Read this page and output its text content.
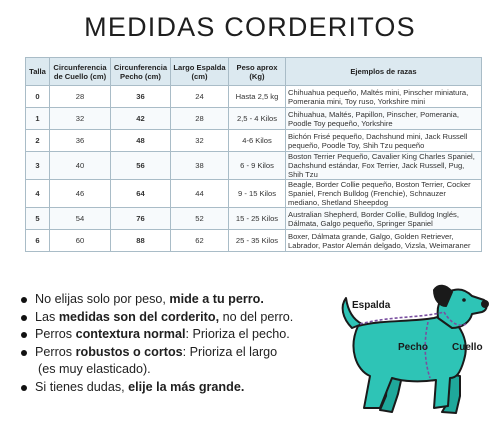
MEDIDAS CORDERITOS
Talla	Circunferencia de Cuello (cm)	Circunferencia Pecho (cm)	Largo Espalda (cm)	Peso aprox (Kg)	Ejemplos de razas
0	28	36	24	Hasta 2,5 kg	Chihuahua pequeño, Maltés mini, Pinscher miniatura, Pomerania mini, Toy ruso, Yorkshire mini
1	32	42	28	2,5 - 4 Kilos	Chihuahua, Maltés, Papillon, Pinscher, Pomerania, Poodle Toy pequeño, Yorkshire
2	36	48	32	4-6 Kilos	Bichón Frisé pequeño, Dachshund mini, Jack Russell pequeño, Poodle Toy, Shih Tzu pequeño
3	40	56	38	6 - 9 Kilos	Boston Terrier Pequeño, Cavalier King Charles Spaniel, Dachshund estándar, Fox Terrier, Jack Russell, Pug, Shih Tzu
4	46	64	44	9 - 15 Kilos	Beagle, Border Collie pequeño, Boston Terrier, Cocker Spaniel, French Bulldog (Frenchie), Schnauzer mediano, Shetland Sheepdog
5	54	76	52	15 - 25 Kilos	Australian Shepherd, Border Collie, Bulldog Inglés, Dálmata, Galgo pequeño, Springer Spaniel
6	60	88	62	25 - 35 Kilos	Boxer, Dálmata grande, Galgo, Golden Retriever, Labrador, Pastor Alemán delgado, Vizsla, Weimaraner
No elijas solo por peso, mide a tu perro.
Las medidas son del corderito, no del perro.
Perros contextura normal: Prioriza el pecho.
Perros robustos o cortos: Prioriza el largo
(es muy elasticado).
Si tienes dudas, elije la más grande.
Espalda
Pecho Cuello
